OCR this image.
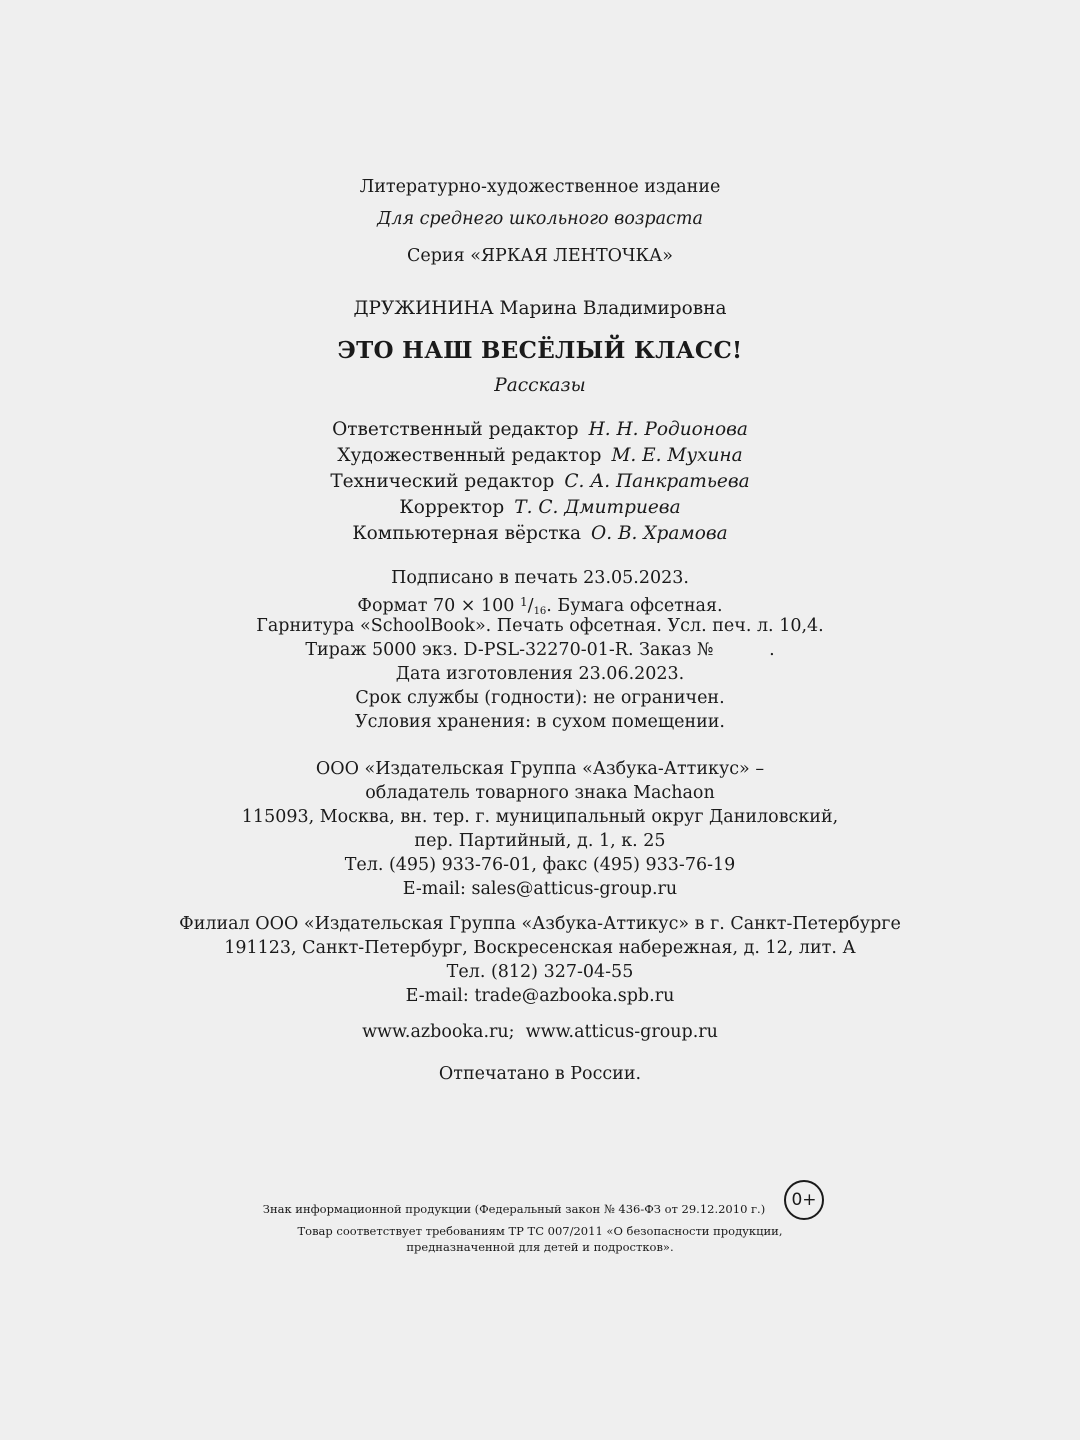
Литературно-художественное издание
Для среднего школьного возраста
Серия «ЯРКАЯ ЛЕНТОЧКА»
ДРУЖИНИНА Марина Владимировна
ЭТО НАШ ВЕСЁЛЫЙ КЛАСС!
Рассказы
Ответственный редактор Н. Н. Родионова
Художественный редактор М. Е. Мухина
Технический редактор С. А. Панкратьева
Корректор Т. С. Дмитриева
Компьютерная вёрстка О. В. Храмова
Подписано в печать 23.05.2023.
Формат 70 × 100 $^1$/16. Бумага офсетная.
Гарнитура «SchoolBook». Печать офсетная. Усл. печ. л. 10,4.
Тираж 5000 экз. D-PSL-32270-01-R. Заказ №          .
Дата изготовления 23.06.2023.
Срок службы (годности): не ограничен.
Условия хранения: в сухом помещении.
ООО «Издательская Группа «Азбука-Аттикус» –
обладатель товарного знака Machaon
115093, Москва, вн. тер. г. муниципальный округ Даниловский,
пер. Партийный, д. 1, к. 25
Тел. (495) 933-76-01, факс (495) 933-76-19
E-mail: sales@atticus-group.ru
Филиал ООО «Издательская Группа «Азбука-Аттикус» в г. Санкт-Петербурге
191123, Санкт-Петербург, Воскресенская набережная, д. 12, лит. А
Тел. (812) 327-04-55
E-mail: trade@azbooka.spb.ru
www.azbooka.ru;  www.atticus-group.ru
Отпечатано в России.
Знак информационной продукции (Федеральный закон № 436-ФЗ от 29.12.2010 г.)	0+
Товар соответствует требованиям ТР ТС 007/2011 «О безопасности продукции,
предназначенной для детей и подростков».
